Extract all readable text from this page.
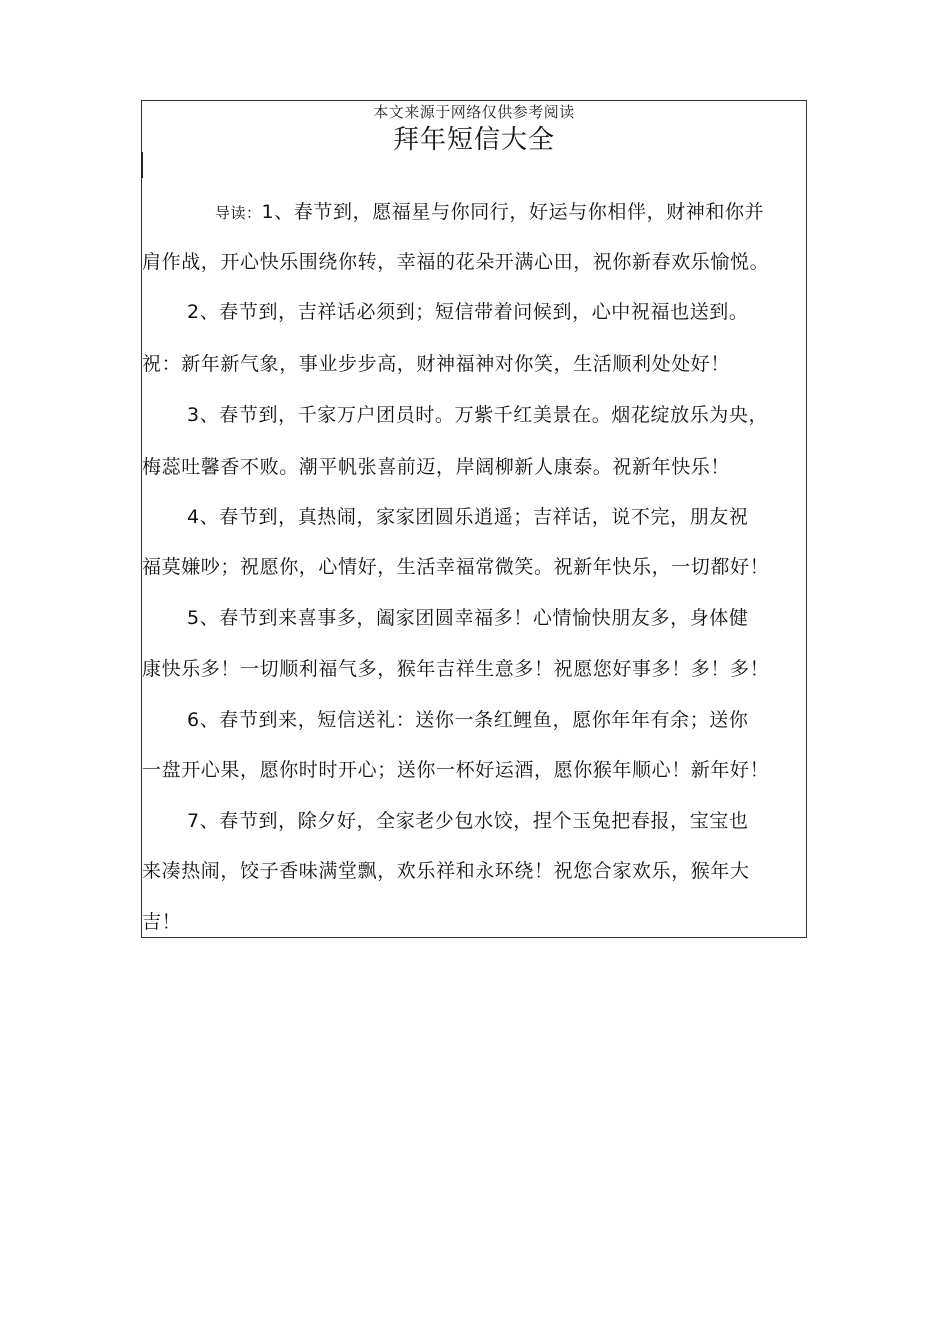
本文来源于网络仅供参考阅读
拜年短信大全
导读：1、春节到，愿福星与你同行，好运与你相伴，财神和你并
肩作战，开心快乐围绕你转，幸福的花朵开满心田，祝你新春欢乐愉悦。
2、春节到，吉祥话必须到；短信带着问候到，心中祝福也送到。
祝：新年新气象，事业步步高，财神福神对你笑，生活顺利处处好！
3、春节到，千家万户团员时。万紫千红美景在。烟花绽放乐为央，
梅蕊吐馨香不败。潮平帆张喜前迈，岸阔柳新人康泰。祝新年快乐！
4、春节到，真热闹，家家团圆乐逍遥；吉祥话，说不完，朋友祝
福莫嫌吵；祝愿你，心情好，生活幸福常微笑。祝新年快乐，一切都好！
5、春节到来喜事多，阖家团圆幸福多！心情愉快朋友多，身体健
康快乐多！一切顺利福气多，猴年吉祥生意多！祝愿您好事多！多！多！
6、春节到来，短信送礼：送你一条红鲤鱼，愿你年年有余；送你
一盘开心果，愿你时时开心；送你一杯好运酒，愿你猴年顺心！新年好！
7、春节到，除夕好，全家老少包水饺，捏个玉兔把春报，宝宝也
来凑热闹，饺子香味满堂飘，欢乐祥和永环绕！祝您合家欢乐，猴年大
吉！
